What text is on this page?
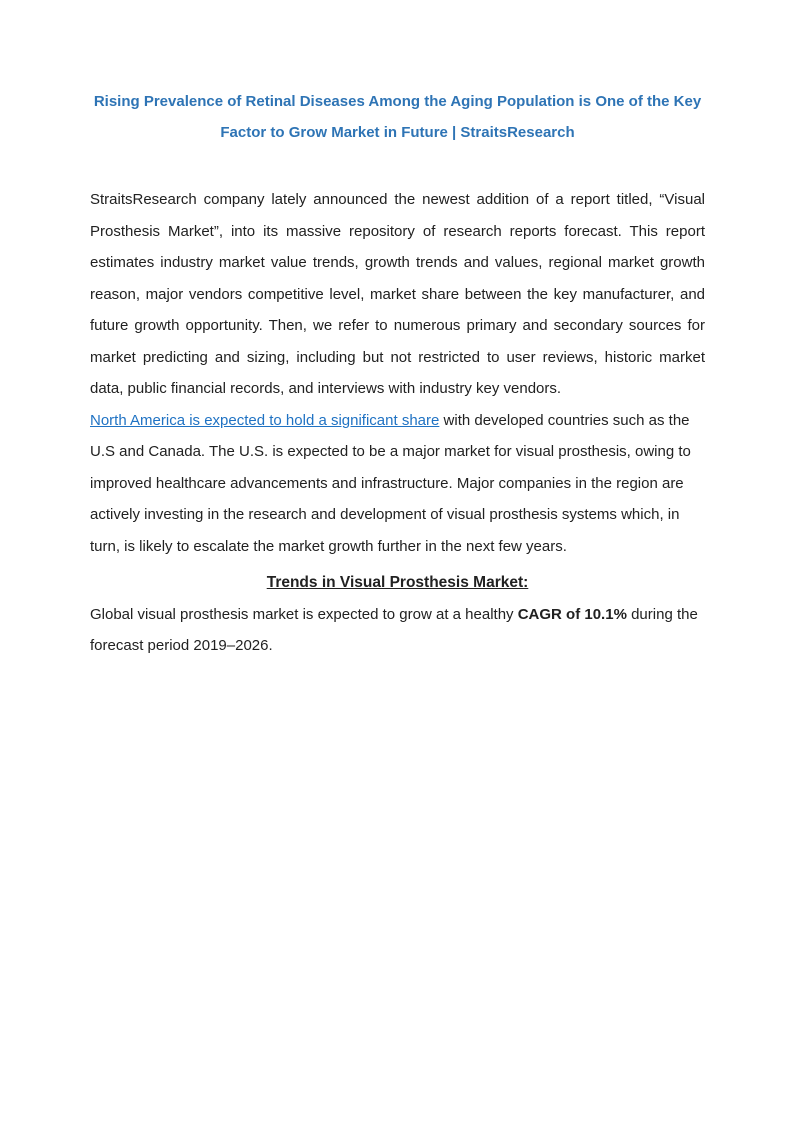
Rising Prevalence of Retinal Diseases Among the Aging Population is One of the Key Factor to Grow Market in Future | StraitsResearch

StraitsResearch company lately announced the newest addition of a report titled, “Visual Prosthesis Market”, into its massive repository of research reports forecast. This report estimates industry market value trends, growth trends and values, regional market growth reason, major vendors competitive level, market share between the key manufacturer, and future growth opportunity. Then, we refer to numerous primary and secondary sources for market predicting and sizing, including but not restricted to user reviews, historic market data, public financial records, and interviews with industry key vendors.

North America is expected to hold a significant share with developed countries such as the U.S and Canada. The U.S. is expected to be a major market for visual prosthesis, owing to improved healthcare advancements and infrastructure. Major companies in the region are actively investing in the research and development of visual prosthesis systems which, in turn, is likely to escalate the market growth further in the next few years.

Trends in Visual Prosthesis Market:

Global visual prosthesis market is expected to grow at a healthy CAGR of 10.1% during the forecast period 2019–2026.
